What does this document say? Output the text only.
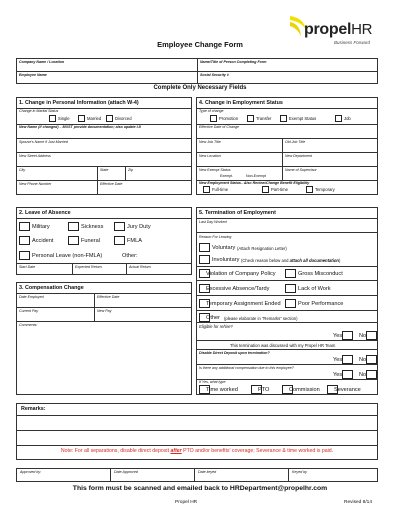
propelHR
Business Forward
Employee Change Form
Company Name / Location	Name/Title of Person Completing Form
Employee Name	Social Security #
Complete Only Necessary Fields
1. Change in Personal Information (attach W-4)
Change in Marital Status
Single	Married	Divorced
New Name (if changed) – MUST provide documentation; also update I-9
Spouse's Name if Just Married
New Street Address
City	State	Zip
New Phone Number	Effective Date
4. Change in Employment Status
Type of change
Promotion	Transfer	Exempt Status	Job
Effective Date of Change
New Job Title	Old Job Title
New Location	New Department
New Exempt Status
Exempt.	Non-Exempt
Name of Supervisor
New Employment Status– Also Review/Change Benefit Eligibility
Full-time	Part-time	Temporary
2. Leave of Absence
Military	Sickness	Jury Duty
Accident	Funeral	FMLA
Personal Leave (non-FMLA)	Other:
Start Date	Expected Return	Actual Return
3. Compensation Change
Date Employed	Effective Date
Current Pay	New Pay
Comments:
5. Termination of Employment
Last Day Worked
Reason For Leaving
Voluntary (Attach Resignation Letter)
Involuntary (Check reason below and attach all documentation)
Violation of Company Policy	Gross Misconduct
Excessive Absence/Tardy	Lack of Work
Temporary Assignment Ended	Poor Performance
Other (please elaborate in "Remarks" section)
Eligible for rehire?
Yes	No
This termination was discussed with my Propel HR Team
Disable Direct Deposit upon termination?
Yes	No
Is there any additional compensation due to this employee?
Yes	No
If Yes, what type:
Time worked	PTO	Commission	Severance
Remarks:
Note: For all separations, disable direct deposit after PTO and/or benefits' coverage; Severance & time worked is paid.
Approved by:	Date Approved	Date keyed	Keyed by
This form must be scanned and emailed back to HRDepartment@propelhr.com
Propel HR	Revised 8/14
